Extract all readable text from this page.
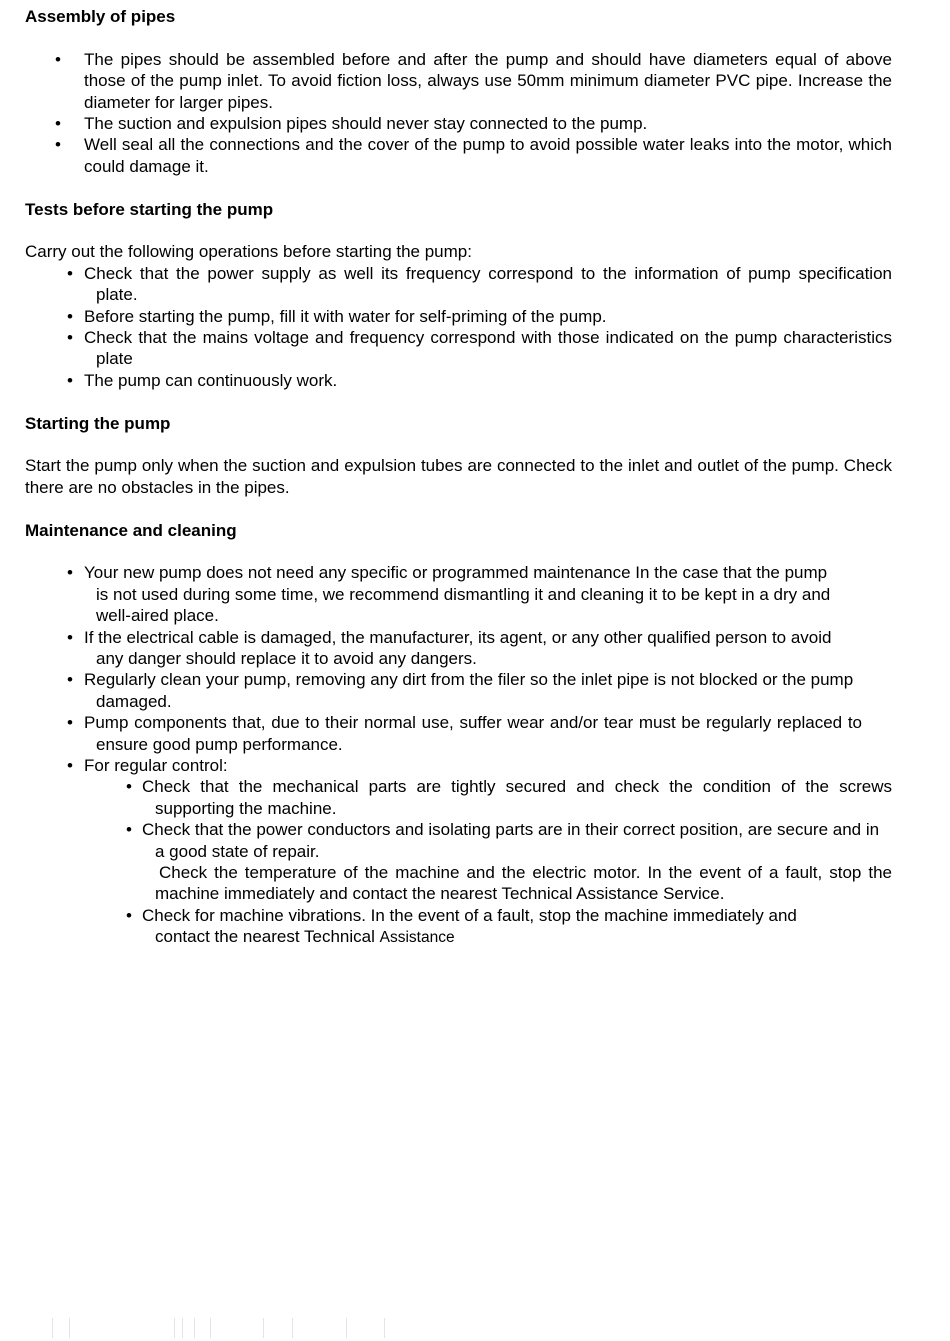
Assembly of pipes

• The pipes should be assembled before and after the pump and should have diameters equal of above those of the pump inlet. To avoid fiction loss, always use 50mm minimum diameter PVC pipe. Increase the diameter for larger pipes.
• The suction and expulsion pipes should never stay connected to the pump.
• Well seal all the connections and the cover of the pump to avoid possible water leaks into the motor, which could damage it.

Tests before starting the pump

Carry out the following operations before starting the pump:

• Check that the power supply as well its frequency correspond to the information of pump specification plate.
• Before starting the pump, fill it with water for self-priming of the pump.
• Check that the mains voltage and frequency correspond with those indicated on the pump characteristics plate
• The pump can continuously work.

Starting the pump

Start the pump only when the suction and expulsion tubes are connected to the inlet and outlet of the pump. Check there are no obstacles in the pipes.

Maintenance and cleaning

• Your new pump does not need any specific or programmed maintenance In the case that the pump is not used during some time, we recommend dismantling it and cleaning it to be kept in a dry and well-aired place.
• If the electrical cable is damaged, the manufacturer, its agent, or any other qualified person to avoid any danger should replace it to avoid any dangers.
• Regularly clean your pump, removing any dirt from the filer so the inlet pipe is not blocked or the pump damaged.
• Pump components that, due to their normal use, suffer wear and/or tear must be regularly replaced to ensure good pump performance.
• For regular control:
• Check that the mechanical parts are tightly secured and check the condition of the screws supporting the machine.
• Check that the power conductors and isolating parts are in their correct position, are secure and in a good state of repair.

Check the temperature of the machine and the electric motor. In the event of a fault, stop the machine immediately and contact the nearest Technical Assistance Service.

• Check for machine vibrations. In the event of a fault, stop the machine immediately and contact the nearest Technical Assistance
